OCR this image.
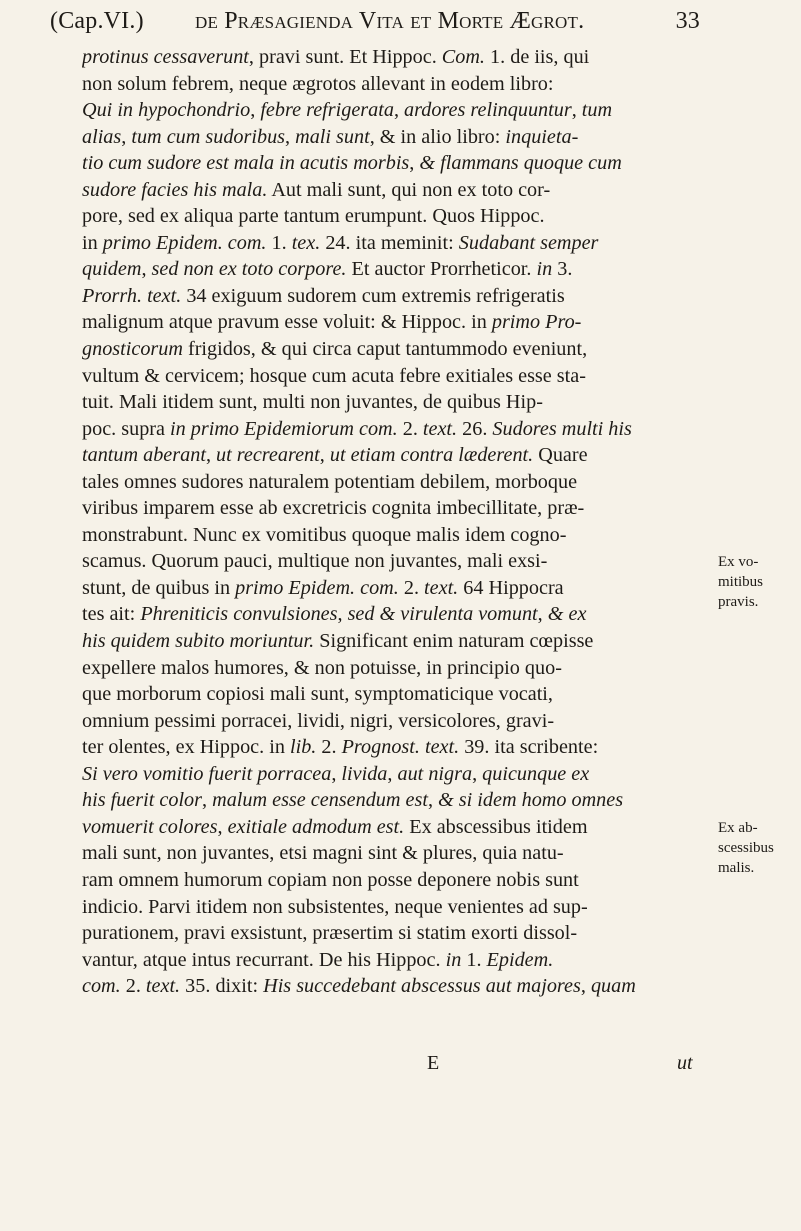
(Cap.VI.) de Præsagienda Vita et Morte Ægrot.	33
protinus cessaverunt, pravi sunt. Et Hippoc. Com. 1. de iis, qui
non solum febrem, neque ægrotos allevant in eodem libro:
Qui in hypochondrio, febre refrigerata, ardores relinquuntur, tum
alias, tum cum sudoribus, mali sunt, & in alio libro: inquieta-
tio cum sudore est mala in acutis morbis, & flammans quoque cum
sudore facies his mala. Aut mali sunt, qui non ex toto cor-
pore, sed ex aliqua parte tantum erumpunt. Quos Hippoc.
in primo Epidem. com. 1. tex. 24. ita meminit: Sudabant semper
quidem, sed non ex toto corpore. Et auctor Prorrheticor. in 3.
Prorrh. text. 34 exiguum sudorem cum extremis refrigeratis
malignum atque pravum esse voluit: & Hippoc. in primo Pro-
gnosticorum frigidos, & qui circa caput tantummodo eveniunt,
vultum & cervicem; hosque cum acuta febre exitiales esse sta-
tuit. Mali itidem sunt, multi non juvantes, de quibus Hip-
poc. supra in primo Epidemiorum com. 2. text. 26. Sudores multi his
tantum aberant, ut recrearent, ut etiam contra læderent. Quare
tales omnes sudores naturalem potentiam debilem, morboque
viribus imparem esse ab excretricis cognita imbecillitate, præ-
monstrabunt. Nunc ex vomitibus quoque malis idem cogno-
scamus. Quorum pauci, multique non juvantes, mali exsi-
stunt, de quibus in primo Epidem. com. 2. text. 64 Hippocra
tes ait: Phreniticis convulsiones, sed & virulenta vomunt, & ex
his quidem subito moriuntur. Significant enim naturam cœpisse
expellere malos humores, & non potuisse, in principio quo-
que morborum copiosi mali sunt, symptomaticique vocati,
omnium pessimi porracei, lividi, nigri, versicolores, gravi-
ter olentes, ex Hippoc. in lib. 2. Prognost. text. 39. ita scribente:
Si vero vomitio fuerit porracea, livida, aut nigra, quicunque ex
his fuerit color, malum esse censendum est, & si idem homo omnes
vomuerit colores, exitiale admodum est. Ex abscessibus itidem
mali sunt, non juvantes, etsi magni sint & plures, quia natu-
ram omnem humorum copiam non posse deponere nobis sunt
indicio. Parvi itidem non subsistentes, neque venientes ad sup-
purationem, pravi exsistunt, præsertim si statim exorti dissol-
vantur, atque intus recurrant. De his Hippoc. in 1. Epidem.
com. 2. text. 35. dixit: His succedebant abscessus aut majores, quam
Ex vo-
mitibus
pravis.
Ex ab-
scessibus
malis.
E	ut
